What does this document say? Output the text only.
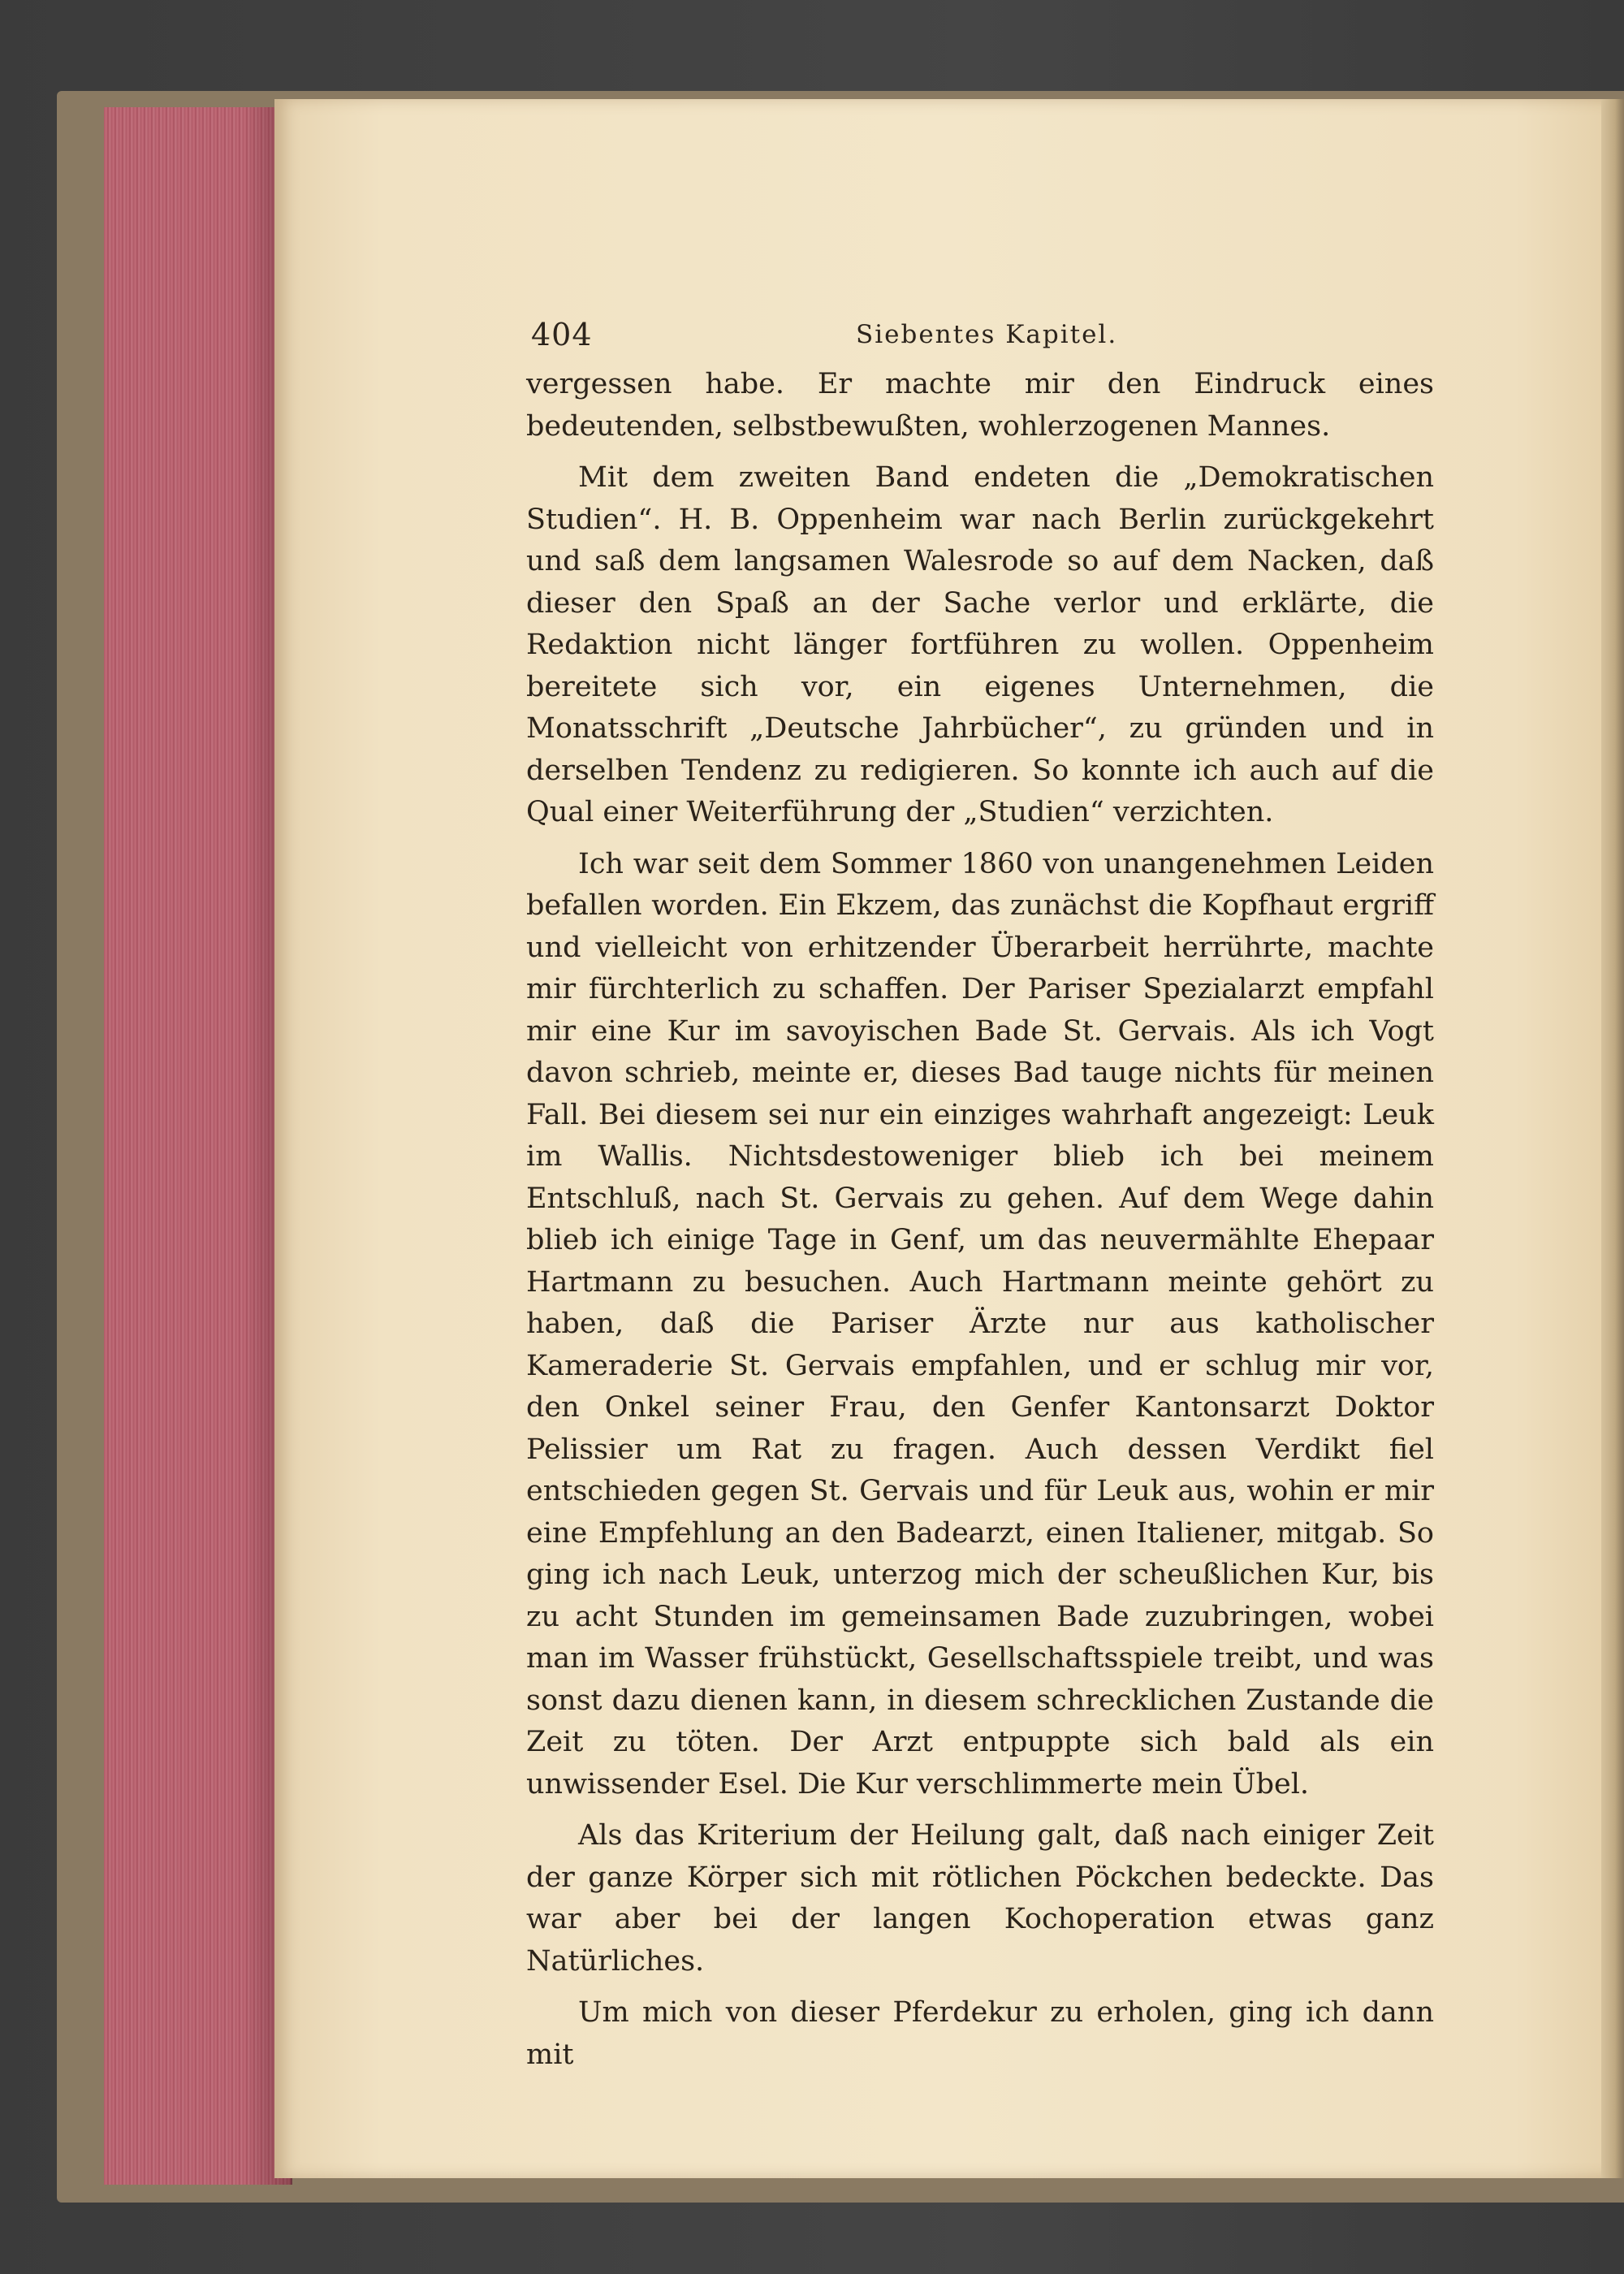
404	Siebentes Kapitel.

vergessen habe. Er machte mir den Eindruck eines bedeutenden, selbstbewußten, wohlerzogenen Mannes.

Mit dem zweiten Band endeten die „Demokratischen Studien“. H. B. Oppenheim war nach Berlin zurückgekehrt und saß dem langsamen Walesrode so auf dem Nacken, daß dieser den Spaß an der Sache verlor und erklärte, die Redaktion nicht länger fortführen zu wollen. Oppenheim bereitete sich vor, ein eigenes Unternehmen, die Monatsschrift „Deutsche Jahrbücher“, zu gründen und in derselben Tendenz zu redigieren. So konnte ich auch auf die Qual einer Weiterführung der „Studien“ verzichten.

Ich war seit dem Sommer 1860 von unangenehmen Leiden befallen worden. Ein Ekzem, das zunächst die Kopfhaut ergriff und vielleicht von erhitzender Überarbeit herrührte, machte mir fürchterlich zu schaffen. Der Pariser Spezialarzt empfahl mir eine Kur im savoyischen Bade St. Gervais. Als ich Vogt davon schrieb, meinte er, dieses Bad tauge nichts für meinen Fall. Bei diesem sei nur ein einziges wahrhaft angezeigt: Leuk im Wallis. Nichtsdestoweniger blieb ich bei meinem Entschluß, nach St. Gervais zu gehen. Auf dem Wege dahin blieb ich einige Tage in Genf, um das neuvermählte Ehepaar Hartmann zu besuchen. Auch Hartmann meinte gehört zu haben, daß die Pariser Ärzte nur aus katholischer Kameraderie St. Gervais empfahlen, und er schlug mir vor, den Onkel seiner Frau, den Genfer Kantonsarzt Doktor Pelissier um Rat zu fragen. Auch dessen Verdikt fiel entschieden gegen St. Gervais und für Leuk aus, wohin er mir eine Empfehlung an den Badearzt, einen Italiener, mitgab. So ging ich nach Leuk, unterzog mich der scheußlichen Kur, bis zu acht Stunden im gemeinsamen Bade zuzubringen, wobei man im Wasser frühstückt, Gesellschaftsspiele treibt, und was sonst dazu dienen kann, in diesem schrecklichen Zustande die Zeit zu töten. Der Arzt entpuppte sich bald als ein unwissender Esel. Die Kur verschlimmerte mein Übel.

Als das Kriterium der Heilung galt, daß nach einiger Zeit der ganze Körper sich mit rötlichen Pöckchen bedeckte. Das war aber bei der langen Kochoperation etwas ganz Natürliches.

Um mich von dieser Pferdekur zu erholen, ging ich dann mit
